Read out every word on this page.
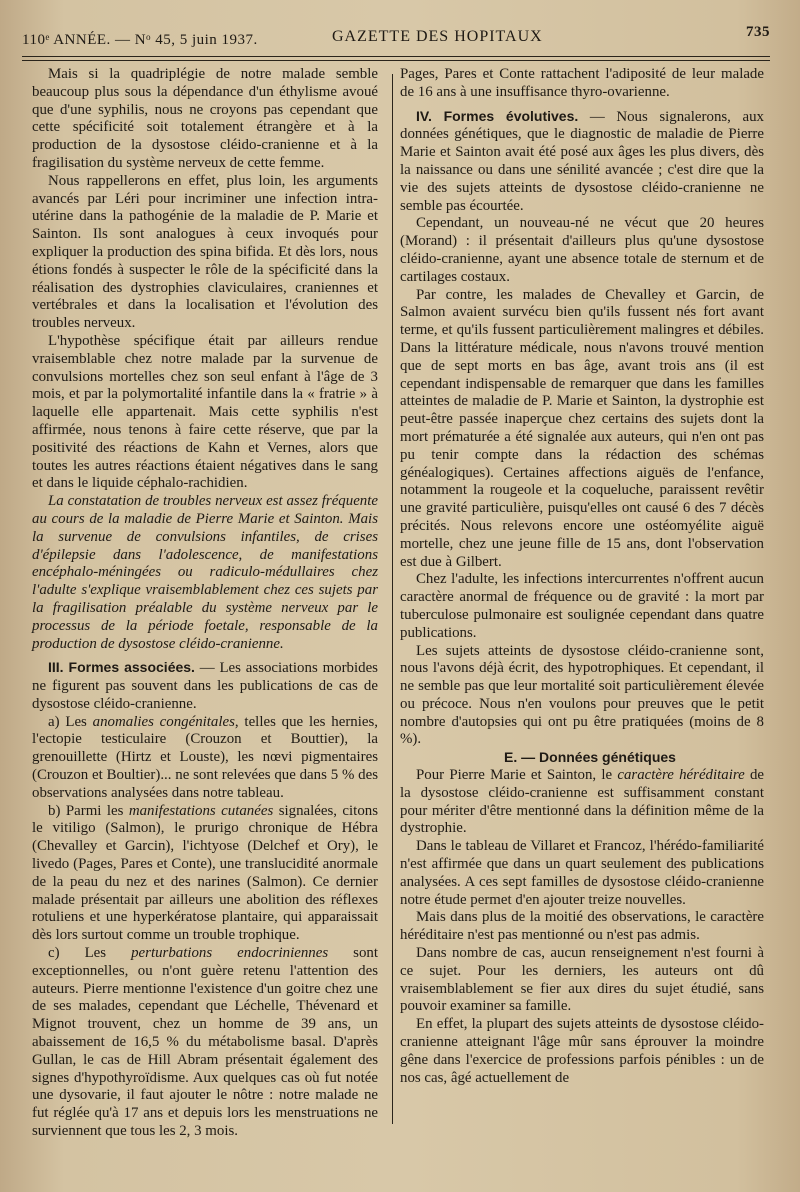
110ᵉ ANNÉE. — Nᵒ 45, 5 juin 1937.	GAZETTE DES HOPITAUX	735

Mais si la quadriplégie de notre malade semble beaucoup plus sous la dépendance d'un éthylisme avoué que d'une syphilis, nous ne croyons pas cependant que cette spécificité soit totalement étrangère et à la production de la dysostose cléido-cranienne et à la fragilisation du système nerveux de cette femme.

Nous rappellerons en effet, plus loin, les arguments avancés par Léri pour incriminer une infection intra-utérine dans la pathogénie de la maladie de P. Marie et Sainton. Ils sont analogues à ceux invoqués pour expliquer la production des spina bifida. Et dès lors, nous étions fondés à suspecter le rôle de la spécificité dans la réalisation des dystrophies claviculaires, craniennes et vertébrales et dans la localisation et l'évolution des troubles nerveux.

L'hypothèse spécifique était par ailleurs rendue vraisemblable chez notre malade par la survenue de convulsions mortelles chez son seul enfant à l'âge de 3 mois, et par la polymortalité infantile dans la « fratrie » à laquelle elle appartenait. Mais cette syphilis n'est affirmée, nous tenons à faire cette réserve, que par la positivité des réactions de Kahn et Vernes, alors que toutes les autres réactions étaient négatives dans le sang et dans le liquide céphalo-rachidien.

La constatation de troubles nerveux est assez fréquente au cours de la maladie de Pierre Marie et Sainton. Mais la survenue de convulsions infantiles, de crises d'épilepsie dans l'adolescence, de manifestations encéphalo-méningées ou radiculo-médullaires chez l'adulte s'explique vraisemblablement chez ces sujets par la fragilisation préalable du système nerveux par le processus de la période foetale, responsable de la production de dysostose cléido-cranienne.

III. Formes associées. — Les associations morbides ne figurent pas souvent dans les publications de cas de dysostose cléido-cranienne.

a) Les anomalies congénitales, telles que les hernies, l'ectopie testiculaire (Crouzon et Bouttier), la grenouillette (Hirtz et Louste), les nœvi pigmentaires (Crouzon et Boultier)... ne sont relevées que dans 5 % des observations analysées dans notre tableau.

b) Parmi les manifestations cutanées signalées, citons le vitiligo (Salmon), le prurigo chronique de Hébra (Chevalley et Garcin), l'ichtyose (Delchef et Ory), le livedo (Pages, Pares et Conte), une translucidité anormale de la peau du nez et des narines (Salmon). Ce dernier malade présentait par ailleurs une abolition des réflexes rotuliens et une hyperkératose plantaire, qui apparaissait dès lors surtout comme un trouble trophique.

c) Les perturbations endocriniennes sont exceptionnelles, ou n'ont guère retenu l'attention des auteurs. Pierre mentionne l'existence d'un goitre chez une de ses malades, cependant que Léchelle, Thévenard et Mignot trouvent, chez un homme de 39 ans, un abaissement de 16,5 % du métabolisme basal. D'après Gullan, le cas de Hill Abram présentait également des signes d'hypothyroïdisme. Aux quelques cas où fut notée une dysovarie, il faut ajouter le nôtre : notre malade ne fut réglée qu'à 17 ans et depuis lors les menstruations ne surviennent que tous les 2, 3 mois.

Pages, Pares et Conte rattachent l'adiposité de leur malade de 16 ans à une insuffisance thyro-ovarienne.

IV. Formes évolutives. — Nous signalerons, aux données génétiques, que le diagnostic de maladie de Pierre Marie et Sainton avait été posé aux âges les plus divers, dès la naissance ou dans une sénilité avancée ; c'est dire que la vie des sujets atteints de dysostose cléido-cranienne ne semble pas écourtée.

Cependant, un nouveau-né ne vécut que 20 heures (Morand) : il présentait d'ailleurs plus qu'une dysostose cléido-cranienne, ayant une absence totale de sternum et de cartilages costaux.

Par contre, les malades de Chevalley et Garcin, de Salmon avaient survécu bien qu'ils fussent nés fort avant terme, et qu'ils fussent particulièrement malingres et débiles. Dans la littérature médicale, nous n'avons trouvé mention que de sept morts en bas âge, avant trois ans (il est cependant indispensable de remarquer que dans les familles atteintes de maladie de P. Marie et Sainton, la dystrophie est peut-être passée inaperçue chez certains des sujets dont la mort prématurée a été signalée aux auteurs, qui n'en ont pas pu tenir compte dans la rédaction des schémas généalogiques). Certaines affections aiguës de l'enfance, notamment la rougeole et la coqueluche, paraissent revêtir une gravité particulière, puisqu'elles ont causé 6 des 7 décès précités. Nous relevons encore une ostéomyélite aiguë mortelle, chez une jeune fille de 15 ans, dont l'observation est due à Gilbert.

Chez l'adulte, les infections intercurrentes n'offrent aucun caractère anormal de fréquence ou de gravité : la mort par tuberculose pulmonaire est soulignée cependant dans quatre publications.

Les sujets atteints de dysostose cléido-cranienne sont, nous l'avons déjà écrit, des hypotrophiques. Et cependant, il ne semble pas que leur mortalité soit particulièrement élevée ou précoce. Nous n'en voulons pour preuves que le petit nombre d'autopsies qui ont pu être pratiquées (moins de 8 %).

E. — Données génétiques

Pour Pierre Marie et Sainton, le caractère héréditaire de la dysostose cléido-cranienne est suffisamment constant pour mériter d'être mentionné dans la définition même de la dystrophie.

Dans le tableau de Villaret et Francoz, l'hérédo-familiarité n'est affirmée que dans un quart seulement des publications analysées. A ces sept familles de dysostose cléido-cranienne notre étude permet d'en ajouter treize nouvelles.

Mais dans plus de la moitié des observations, le caractère héréditaire n'est pas mentionné ou n'est pas admis.

Dans nombre de cas, aucun renseignement n'est fourni à ce sujet. Pour les derniers, les auteurs ont dû vraisemblablement se fier aux dires du sujet étudié, sans pouvoir examiner sa famille.

En effet, la plupart des sujets atteints de dysostose cléido-cranienne atteignant l'âge mûr sans éprouver la moindre gêne dans l'exercice de professions parfois pénibles : un de nos cas, âgé actuellement de
